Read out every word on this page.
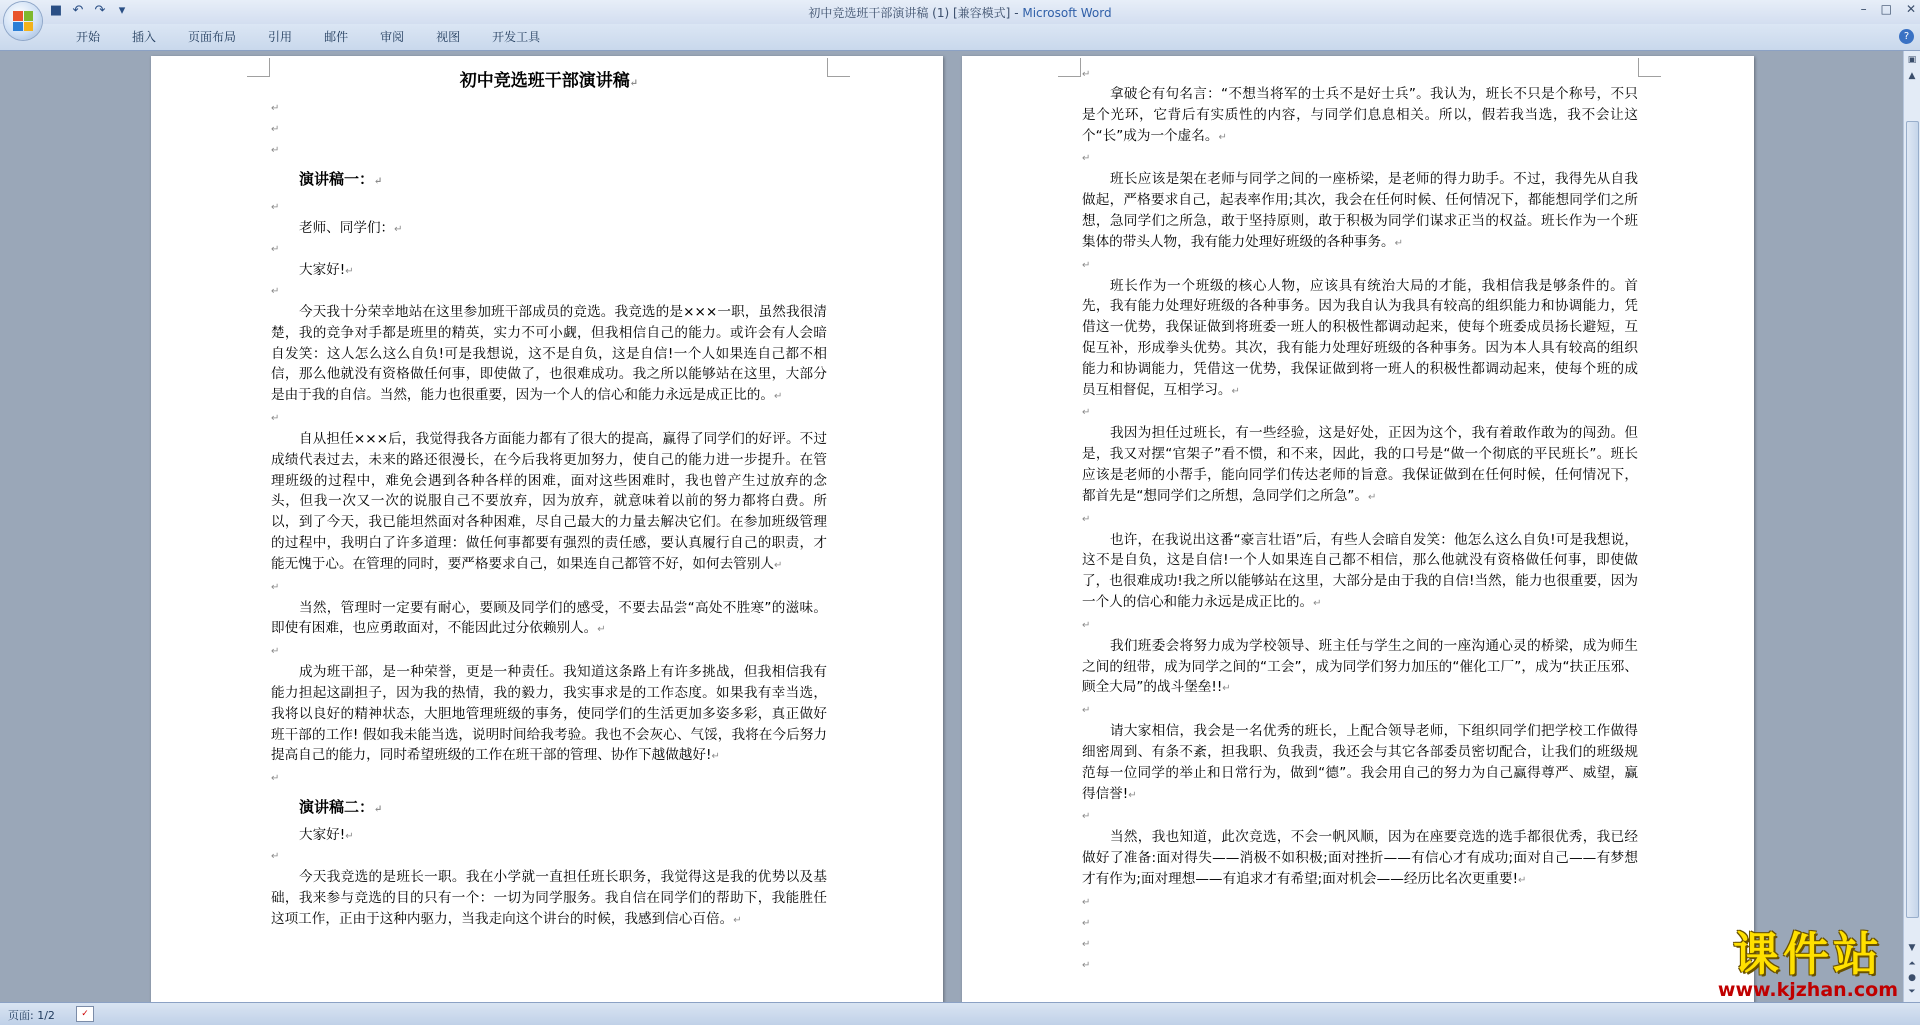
■ ↶ ↷	▾	初中竞选班干部演讲稿 (1) [兼容模式] - Microsoft Word	– □ ✕
开始	插入	页面布局	引用	邮件	审阅	视图	开发工具	?
初中竞选班干部演讲稿↵
↵
↵
↵
演讲稿一：↵
↵
老师、同学们：↵
↵
大家好!↵
↵
今天我十分荣幸地站在这里参加班干部成员的竞选。我竞选的是×××一职，虽然我很清楚，我的竞争对手都是班里的精英，实力不可小觑，但我相信自己的能力。或许会有人会暗自发笑：这人怎么这么自负!可是我想说，这不是自负，这是自信!一个人如果连自己都不相信，那么他就没有资格做任何事，即使做了，也很难成功。我之所以能够站在这里，大部分是由于我的自信。当然，能力也很重要，因为一个人的信心和能力永远是成正比的。↵
↵
自从担任×××后，我觉得我各方面能力都有了很大的提高，赢得了同学们的好评。不过成绩代表过去，未来的路还很漫长，在今后我将更加努力，使自己的能力进一步提升。在管理班级的过程中，难免会遇到各种各样的困难，面对这些困难时，我也曾产生过放弃的念头，但我一次又一次的说服自己不要放弃，因为放弃，就意味着以前的努力都将白费。所以，到了今天，我已能坦然面对各种困难，尽自己最大的力量去解决它们。在参加班级管理的过程中，我明白了许多道理：做任何事都要有强烈的责任感，要认真履行自己的职责，才能无愧于心。在管理的同时，要严格要求自己，如果连自己都管不好，如何去管别人↵
↵
当然，管理时一定要有耐心，要顾及同学们的感受，不要去品尝“高处不胜寒”的滋味。即使有困难，也应勇敢面对，不能因此过分依赖别人。↵
↵
成为班干部，是一种荣誉，更是一种责任。我知道这条路上有许多挑战，但我相信我有能力担起这副担子，因为我的热情，我的毅力，我实事求是的工作态度。如果我有幸当选，我将以良好的精神状态，大胆地管理班级的事务，使同学们的生活更加多姿多彩，真正做好班干部的工作! 假如我未能当选，说明时间给我考验。我也不会灰心、气馁，我将在今后努力提高自己的能力，同时希望班级的工作在班干部的管理、协作下越做越好!↵
↵
演讲稿二：↵
大家好!↵
↵
今天我竞选的是班长一职。我在小学就一直担任班长职务，我觉得这是我的优势以及基础，我来参与竞选的目的只有一个：一切为同学服务。我自信在同学们的帮助下，我能胜任这项工作，正由于这种内驱力，当我走向这个讲台的时候，我感到信心百倍。↵
↵
拿破仑有句名言：“不想当将军的士兵不是好士兵”。我认为，班长不只是个称号，不只是个光环，它背后有实质性的内容，与同学们息息相关。所以，假若我当选，我不会让这个“长”成为一个虚名。↵
↵
班长应该是架在老师与同学之间的一座桥梁，是老师的得力助手。不过，我得先从自我做起，严格要求自己，起表率作用;其次，我会在任何时候、任何情况下，都能想同学们之所想，急同学们之所急，敢于坚持原则，敢于积极为同学们谋求正当的权益。班长作为一个班集体的带头人物，我有能力处理好班级的各种事务。↵
↵
班长作为一个班级的核心人物，应该具有统治大局的才能，我相信我是够条件的。首先，我有能力处理好班级的各种事务。因为我自认为我具有较高的组织能力和协调能力，凭借这一优势，我保证做到将班委一班人的积极性都调动起来，使每个班委成员扬长避短，互促互补，形成拳头优势。其次，我有能力处理好班级的各种事务。因为本人具有较高的组织能力和协调能力，凭借这一优势，我保证做到将一班人的积极性都调动起来，使每个班的成员互相督促，互相学习。↵
↵
我因为担任过班长，有一些经验，这是好处，正因为这个，我有着敢作敢为的闯劲。但是，我又对摆“官架子”看不惯，和不来，因此，我的口号是“做一个彻底的平民班长”。班长应该是老师的小帮手，能向同学们传达老师的旨意。我保证做到在任何时候，任何情况下，都首先是“想同学们之所想，急同学们之所急”。↵
↵
也许，在我说出这番“豪言壮语”后，有些人会暗自发笑：他怎么这么自负!可是我想说，这不是自负，这是自信!一个人如果连自己都不相信，那么他就没有资格做任何事，即使做了，也很难成功!我之所以能够站在这里，大部分是由于我的自信!当然，能力也很重要，因为一个人的信心和能力永远是成正比的。↵
↵
我们班委会将努力成为学校领导、班主任与学生之间的一座沟通心灵的桥梁，成为师生之间的纽带，成为同学之间的“工会”，成为同学们努力加压的“催化工厂”，成为“扶正压邪、顾全大局”的战斗堡垒!!↵
↵
请大家相信，我会是一名优秀的班长，上配合领导老师，下组织同学们把学校工作做得细密周到、有条不紊，担我职、负我责，我还会与其它各部委员密切配合，让我们的班级规范每一位同学的举止和日常行为，做到“德”。我会用自己的努力为自己赢得尊严、威望，赢得信誉!↵
↵
当然，我也知道，此次竞选，不会一帆风顺，因为在座要竞选的选手都很优秀，我已经做好了准备:面对得失——消极不如积极;面对挫折——有信心才有成功;面对自己——有梦想才有作为;面对理想——有追求才有希望;面对机会——经历比名次更重要!↵
↵
↵
↵
↵
▣
▲
▼
⏶
●
⏷
课件站
www.kjzhan.com
页面: 1/2	✓
